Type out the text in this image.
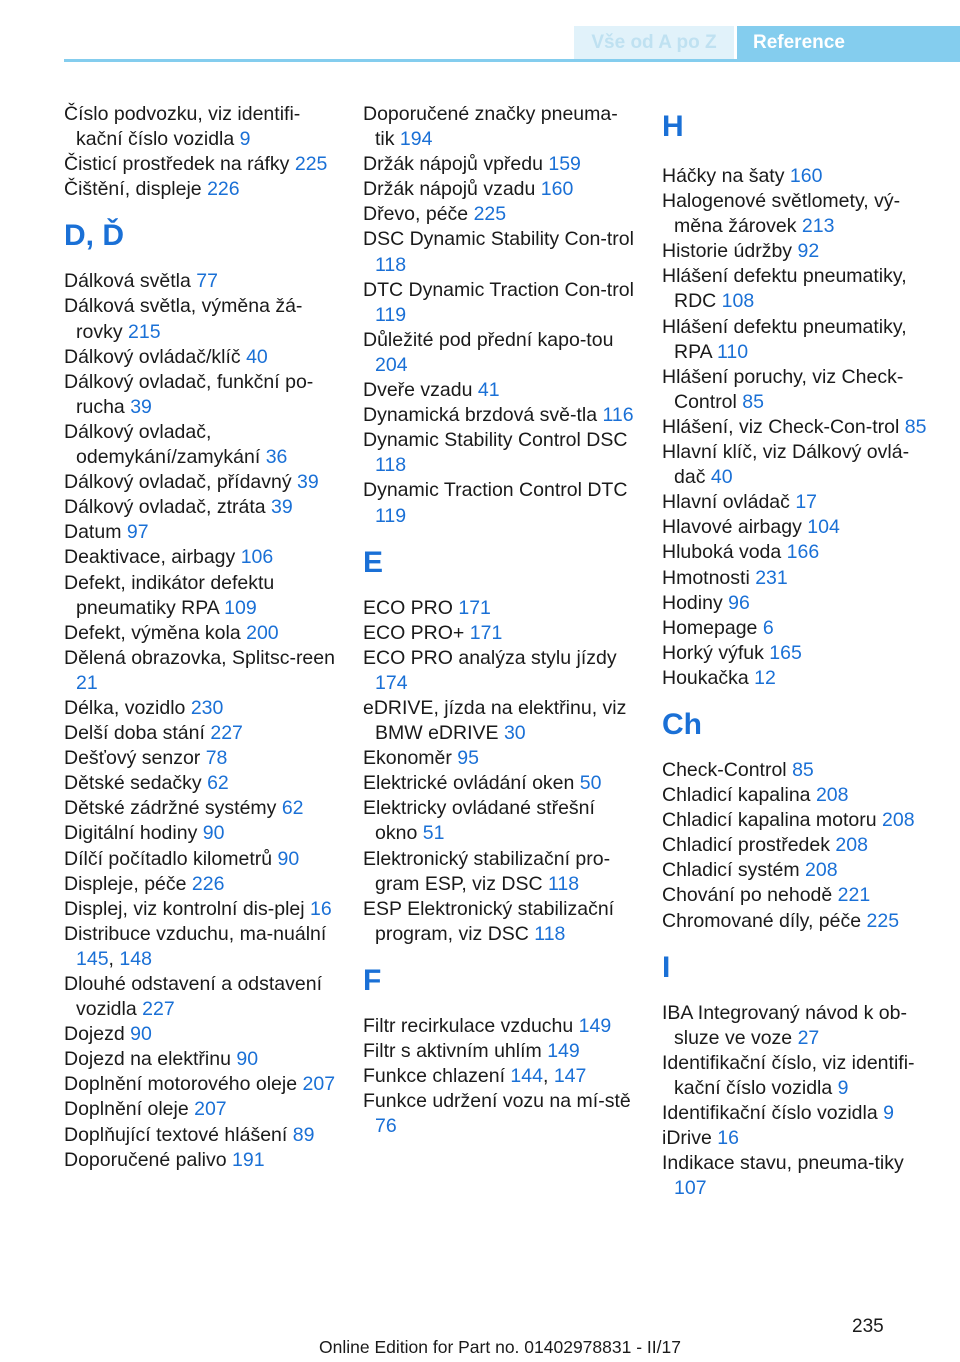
Vše od A po Z	Reference
Číslo podvozku, viz identifi‐kační číslo vozidla 9
Čisticí prostředek na ráfky 225
Čištění, displeje 226
D, Ď
Dálková světla 77
Dálková světla, výměna žá‐rovky 215
Dálkový ovládač/klíč 40
Dálkový ovladač, funkční po‐rucha 39
Dálkový ovladač, odemykání/zamykání 36
Dálkový ovladač, přídavný 39
Dálkový ovladač, ztráta 39
Datum 97
Deaktivace, airbagy 106
Defekt, indikátor defektu pneumatiky RPA 109
Defekt, výměna kola 200
Dělená obrazovka, Splitsc‐reen 21
Délka, vozidlo 230
Delší doba stání 227
Dešťový senzor 78
Dětské sedačky 62
Dětské zádržné systémy 62
Digitální hodiny 90
Dílčí počítadlo kilometrů 90
Displeje, péče 226
Displej, viz kontrolní dis‐plej 16
Distribuce vzduchu, ma‐nuální 145, 148
Dlouhé odstavení a odstavení vozidla 227
Dojezd 90
Dojezd na elektřinu 90
Doplnění motorového oleje 207
Doplnění oleje 207
Doplňující textové hlášení 89
Doporučené palivo 191
Doporučené značky pneuma‐tik 194
Držák nápojů vpředu 159
Držák nápojů vzadu 160
Dřevo, péče 225
DSC Dynamic Stability Con‐trol 118
DTC Dynamic Traction Con‐trol 119
Důležité pod přední kapo‐tou 204
Dveře vzadu 41
Dynamická brzdová svě‐tla 116
Dynamic Stability Control DSC 118
Dynamic Traction Control DTC 119
E
ECO PRO 171
ECO PRO+ 171
ECO PRO analýza stylu jízdy 174
eDRIVE, jízda na elektřinu, viz BMW eDRIVE 30
Ekonoměr 95
Elektrické ovládání oken 50
Elektricky ovládané střešní okno 51
Elektronický stabilizační pro‐gram ESP, viz DSC 118
ESP Elektronický stabilizační program, viz DSC 118
F
Filtr recirkulace vzduchu 149
Filtr s aktivním uhlím 149
Funkce chlazení 144, 147
Funkce udržení vozu na mí‐stě 76
H
Háčky na šaty 160
Halogenové světlomety, vý‐měna žárovek 213
Historie údržby 92
Hlášení defektu pneumatiky, RDC 108
Hlášení defektu pneumatiky, RPA 110
Hlášení poruchy, viz Check-Control 85
Hlášení, viz Check-Con‐trol 85
Hlavní klíč, viz Dálkový ovlá‐dač 40
Hlavní ovládač 17
Hlavové airbagy 104
Hluboká voda 166
Hmotnosti 231
Hodiny 96
Homepage 6
Horký výfuk 165
Houkačka 12
Ch
Check-Control 85
Chladicí kapalina 208
Chladicí kapalina motoru 208
Chladicí prostředek 208
Chladicí systém 208
Chování po nehodě 221
Chromované díly, péče 225
I
IBA Integrovaný návod k ob‐sluze ve voze 27
Identifikační číslo, viz identifi‐kační číslo vozidla 9
Identifikační číslo vozidla 9
iDrive 16
Indikace stavu, pneuma‐tiky 107
235
Online Edition for Part no. 01402978831 - II/17
